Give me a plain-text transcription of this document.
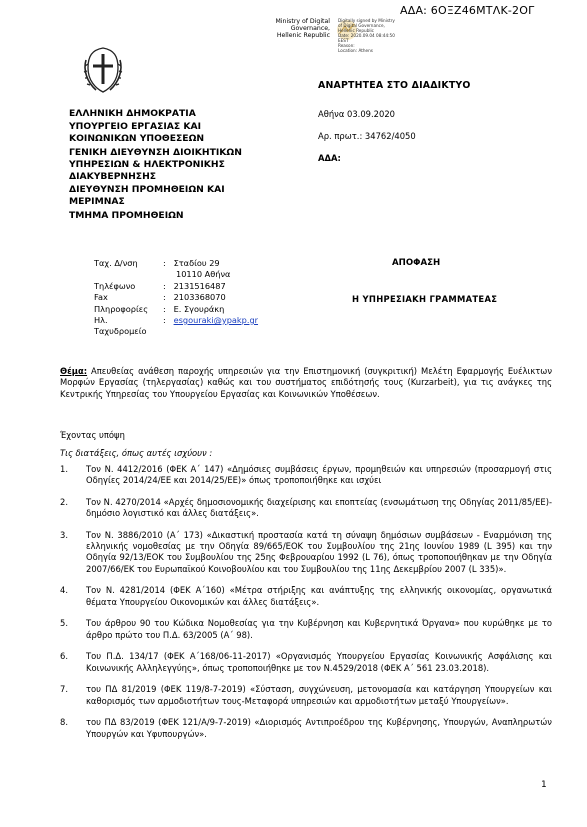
ΑΔΑ: 6ΟΞΖ46ΜΤΛΚ-2ΟΓ
Ministry of Digital
Governance,
Hellenic Republic
Digitally signed by Ministry
of Digital Governance,
Hellenic Republic
Date: 2020.09.04 08:44:50
EEST
Reason:
Location: Athens
ΑΝΑΡΤΗΤΕΑ ΣΤΟ ΔΙΑΔΙΚΤΥΟ
ΕΛΛΗΝΙΚΗ ΔΗΜΟΚΡΑΤΙΑ
ΥΠΟΥΡΓΕΙΟ ΕΡΓΑΣΙΑΣ ΚΑΙ
ΚΟΙΝΩΝΙΚΩΝ ΥΠΟΘΕΣΕΩΝ
ΓΕΝΙΚΗ ΔΙΕΥΘΥΝΣΗ ΔΙΟΙΚΗΤΙΚΩΝ
ΥΠΗΡΕΣΙΩΝ & ΗΛΕΚΤΡΟΝΙΚΗΣ
ΔΙΑΚΥΒΕΡΝΗΣΗΣ
ΔΙΕΥΘΥΝΣΗ ΠΡΟΜΗΘΕΙΩΝ ΚΑΙ
ΜΕΡΙΜΝΑΣ
ΤΜΗΜΑ ΠΡΟΜΗΘΕΙΩΝ
Αθήνα 03.09.2020
Αρ. πρωτ.: 34762/4050
ΑΔΑ:
Ταχ. Δ/νση	:   Σταδίου 29
10110 Αθήνα
Τηλέφωνο	:   2131516487
Fax	:   2103368070
Πληροφορίες	:   Ε. Σγουράκη
Ηλ.	:   esgouraki@ypakp.gr
Ταχυδρομείο
ΑΠΟΦΑΣΗ
Η ΥΠΗΡΕΣΙΑΚΗ ΓΡΑΜΜΑΤΕΑΣ
Θέμα: Απευθείας ανάθεση παροχής υπηρεσιών για την Επιστημονική (συγκριτική) Μελέτη Εφαρμογής Ευέλικτων Μορφών Εργασίας (τηλεργασίας) καθώς και του συστήματος επιδότησής τους (Kurzarbeit), για τις ανάγκες της Κεντρικής Υπηρεσίας του Υπουργείου Εργασίας και Κοινωνικών Υποθέσεων.
Έχοντας υπόψη
Τις διατάξεις, όπως αυτές ισχύουν :
1.	Τον Ν. 4412/2016 (ΦΕΚ Α΄ 147) «Δημόσιες συμβάσεις έργων, προμηθειών και υπηρεσιών (προσαρμογή στις Οδηγίες 2014/24/ΕΕ και 2014/25/ΕΕ)» όπως τροποποιήθηκε και ισχύει
2.	Τον Ν. 4270/2014 «Αρχές δημοσιονομικής διαχείρισης και εποπτείας (ενσωμάτωση της Οδηγίας 2011/85/ΕΕ)- δημόσιο λογιστικό και άλλες διατάξεις».
3.	Τον Ν. 3886/2010 (Α΄ 173) «Δικαστική προστασία κατά τη σύναψη δημόσιων συμβάσεων - Εναρμόνιση της ελληνικής νομοθεσίας με την Οδηγία 89/665/ΕΟΚ του Συμβουλίου της 21ης Ιουνίου 1989 (L 395) και την Οδηγία 92/13/ΕΟΚ του Συμβουλίου της 25ης Φεβρουαρίου 1992 (L 76), όπως τροποποιήθηκαν με την Οδηγία 2007/66/ΕΚ του Ευρωπαϊκού Κοινοβουλίου και του Συμβουλίου της 11ης Δεκεμβρίου 2007 (L 335)».
4.	Τον Ν. 4281/2014 (ΦΕΚ Α΄160) «Μέτρα στήριξης και ανάπτυξης της ελληνικής οικονομίας, οργανωτικά θέματα Υπουργείου Οικονομικών και άλλες διατάξεις».
5.	Του άρθρου 90 του Κώδικα Νομοθεσίας για την Κυβέρνηση και Κυβερνητικά Όργανα» που κυρώθηκε με το άρθρο πρώτο του Π.Δ. 63/2005 (Α΄ 98).
6.	Του Π.Δ. 134/17 (ΦΕΚ Α΄168/06-11-2017) «Οργανισμός Υπουργείου Εργασίας Κοινωνικής Ασφάλισης και Κοινωνικής Αλληλεγγύης», όπως τροποποιήθηκε με τον Ν.4529/2018 (ΦΕΚ Α΄ 561 23.03.2018).
7.	του ΠΔ 81/2019 (ΦΕΚ 119/8-7-2019) «Σύσταση, συγχώνευση, μετονομασία και κατάργηση Υπουργείων και καθορισμός των αρμοδιοτήτων τους-Μεταφορά υπηρεσιών και αρμοδιοτήτων μεταξύ Υπουργείων».
8.	του ΠΔ 83/2019 (ΦΕΚ 121/Α/9-7-2019) «Διορισμός Αντιπροέδρου της Κυβέρνησης, Υπουργών, Αναπληρωτών Υπουργών και Υφυπουργών».
1
